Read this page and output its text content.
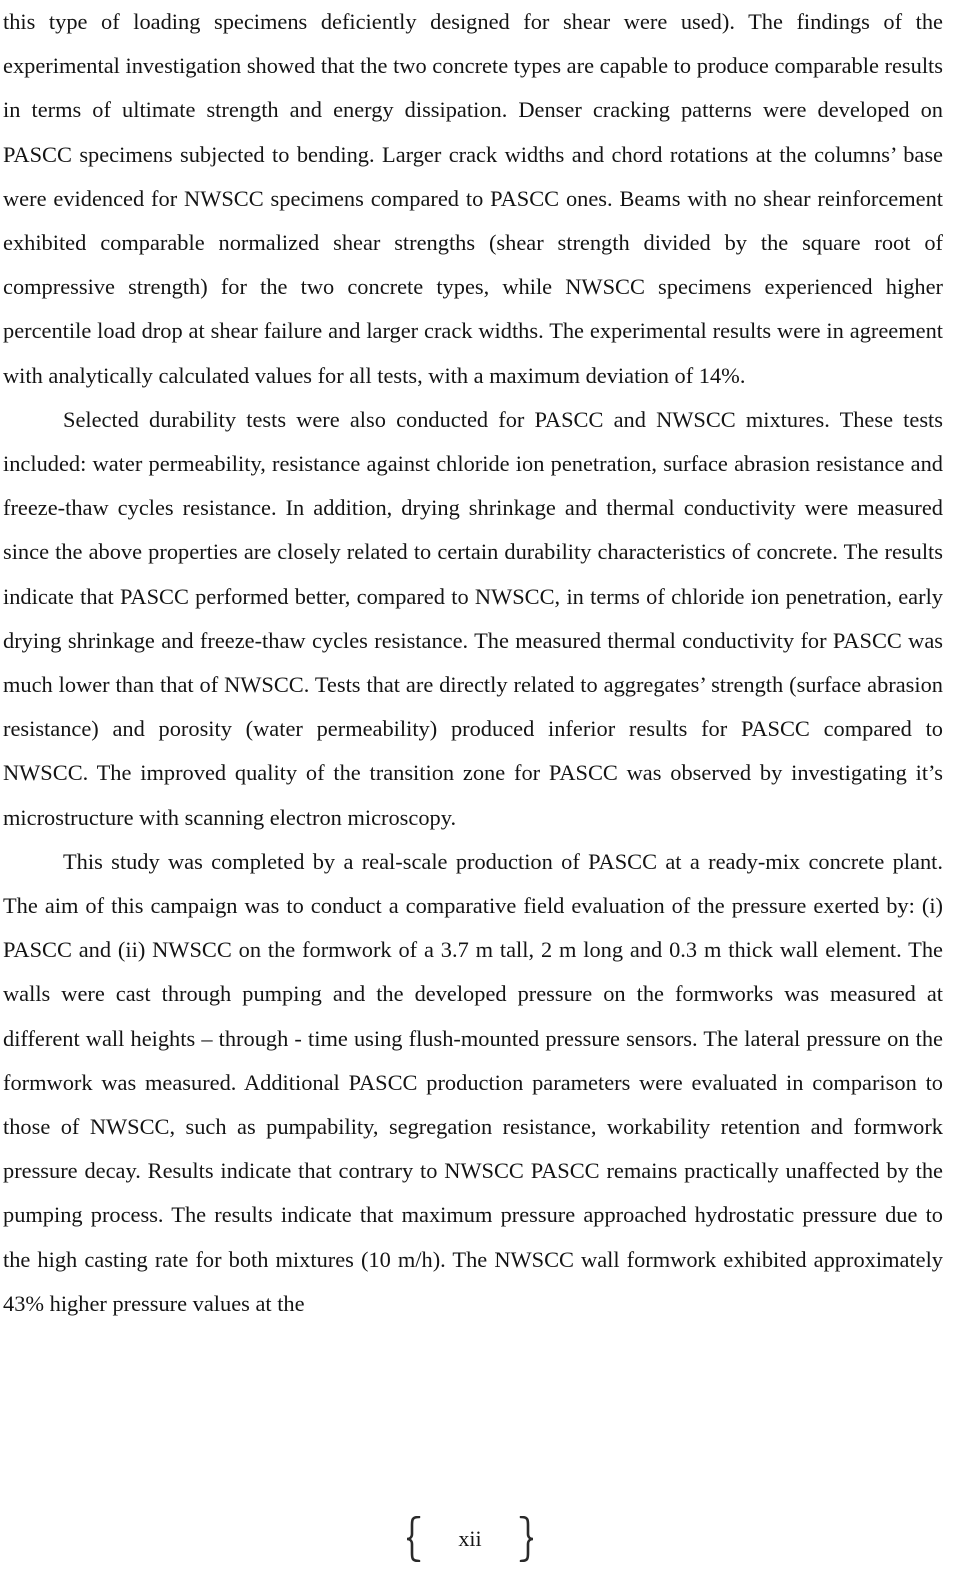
this type of loading specimens deficiently designed for shear were used). The findings of the experimental investigation showed that the two concrete types are capable to produce comparable results in terms of ultimate strength and energy dissipation. Denser cracking patterns were developed on PASCC specimens subjected to bending. Larger crack widths and chord rotations at the columns’ base were evidenced for NWSCC specimens compared to PASCC ones. Beams with no shear reinforcement exhibited comparable normalized shear strengths (shear strength divided by the square root of compressive strength) for the two concrete types, while NWSCC specimens experienced higher percentile load drop at shear failure and larger crack widths. The experimental results were in agreement with analytically calculated values for all tests, with a maximum deviation of 14%.

Selected durability tests were also conducted for PASCC and NWSCC mixtures. These tests included: water permeability, resistance against chloride ion penetration, surface abrasion resistance and freeze-thaw cycles resistance. In addition, drying shrinkage and thermal conductivity were measured since the above properties are closely related to certain durability characteristics of concrete. The results indicate that PASCC performed better, compared to NWSCC, in terms of chloride ion penetration, early drying shrinkage and freeze-thaw cycles resistance. The measured thermal conductivity for PASCC was much lower than that of NWSCC. Tests that are directly related to aggregates’ strength (surface abrasion resistance) and porosity (water permeability) produced inferior results for PASCC compared to NWSCC. The improved quality of the transition zone for PASCC was observed by investigating it’s microstructure with scanning electron microscopy.

This study was completed by a real-scale production of PASCC at a ready-mix concrete plant. The aim of this campaign was to conduct a comparative field evaluation of the pressure exerted by: (i) PASCC and (ii) NWSCC on the formwork of a 3.7 m tall, 2 m long and 0.3 m thick wall element. The walls were cast through pumping and the developed pressure on the formworks was measured at different wall heights – through - time using flush-mounted pressure sensors. The lateral pressure on the formwork was measured. Additional PASCC production parameters were evaluated in comparison to those of NWSCC, such as pumpability, segregation resistance, workability retention and formwork pressure decay. Results indicate that contrary to NWSCC PASCC remains practically unaffected by the pumping process. The results indicate that maximum pressure approached hydrostatic pressure due to the high casting rate for both mixtures (10 m/h). The NWSCC wall formwork exhibited approximately 43% higher pressure values at the

xii
